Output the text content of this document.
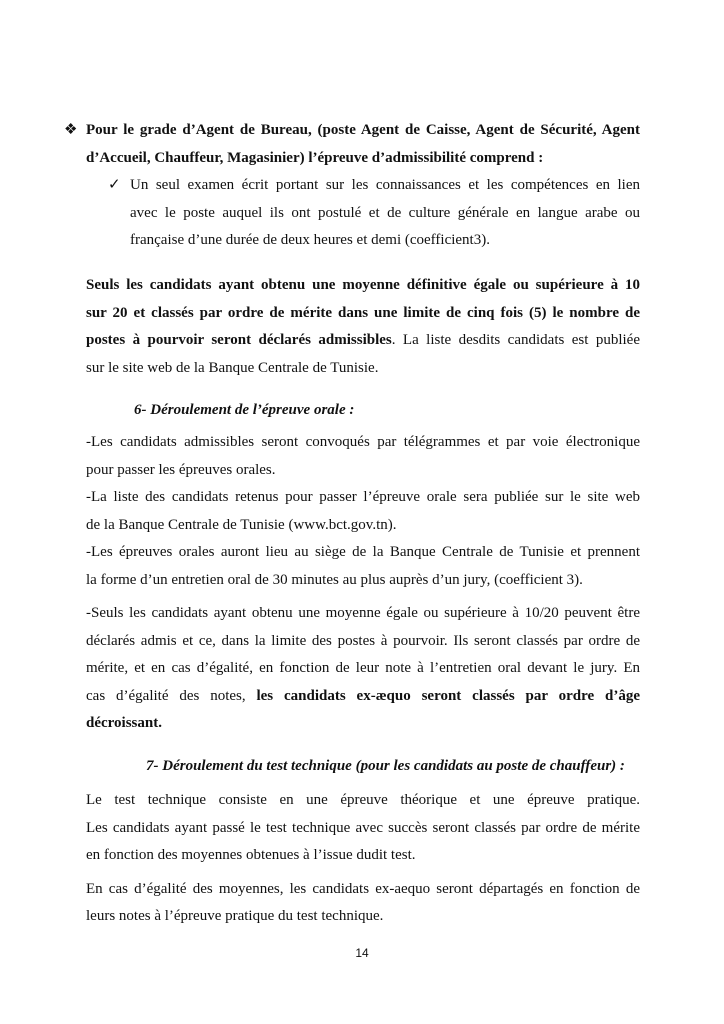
❖ Pour le grade d’Agent de Bureau, (poste Agent de Caisse, Agent de Sécurité, Agent
d’Accueil, Chauffeur, Magasinier) l’épreuve d’admissibilité comprend :
✓ Un seul examen écrit portant sur les connaissances et les compétences en lien
avec le poste auquel ils ont postulé et de culture générale en langue arabe ou
française d’une durée de deux heures et demi (coefficient3).
Seuls les candidats ayant obtenu une moyenne définitive égale ou supérieure à 10
sur 20 et classés par ordre de mérite dans une limite de cinq fois (5) le nombre de
postes à pourvoir seront déclarés admissibles. La liste desdits candidats est publiée
sur le site web de la Banque Centrale de Tunisie.
6- Déroulement de l’épreuve orale :
-Les candidats admissibles seront convoqués par télégrammes et par voie électronique
pour passer les épreuves orales.
-La liste des candidats retenus pour passer l’épreuve orale sera publiée sur le site web
de la Banque Centrale de Tunisie (www.bct.gov.tn).
-Les épreuves orales auront lieu au siège de la Banque Centrale de Tunisie et prennent
la forme d’un entretien oral de 30 minutes au plus auprès d’un jury, (coefficient 3).
-Seuls les candidats ayant obtenu une moyenne égale ou supérieure à 10/20 peuvent être
déclarés admis et ce, dans la limite des postes à pourvoir. Ils seront classés par ordre de
mérite, et en cas d’égalité, en fonction de leur note à l’entretien oral devant le jury. En
cas d’égalité des notes, les candidats ex-æquo seront classés par ordre d’âge
décroissant.
7- Déroulement du test technique (pour les candidats au poste de chauffeur) :
Le test technique consiste en une épreuve théorique et une épreuve pratique.
Les candidats ayant passé le test technique avec succès seront classés par ordre de mérite
en fonction des moyennes obtenues à l’issue dudit test.
En cas d’égalité des moyennes, les candidats ex-aequo seront départagés en fonction de
leurs notes à l’épreuve pratique du test technique.
14
